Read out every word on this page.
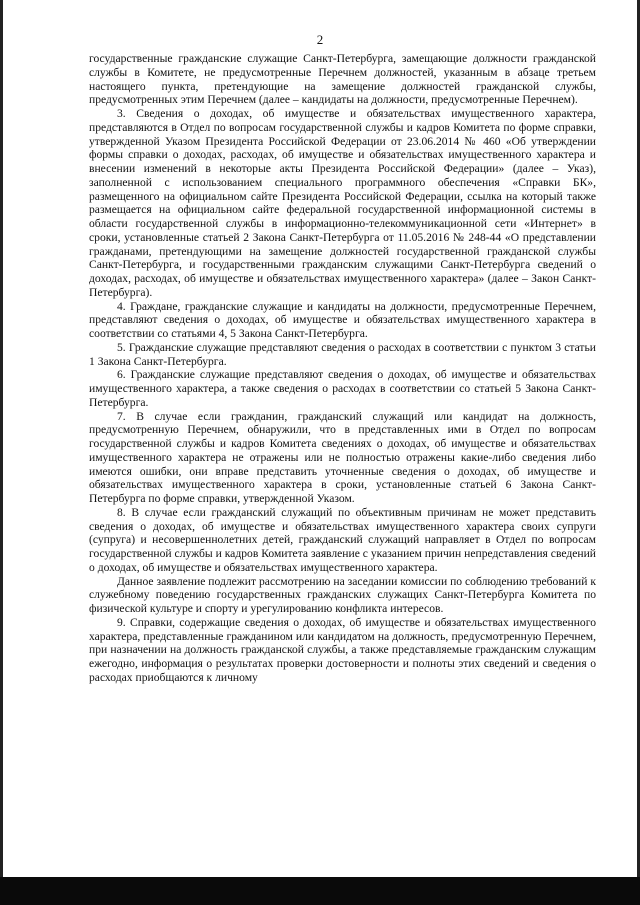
2

государственные гражданские служащие Санкт-Петербурга, замещающие должности гражданской службы в Комитете, не предусмотренные Перечнем должностей, указанным в абзаце третьем настоящего пункта, претендующие на замещение должностей гражданской службы, предусмотренных этим Перечнем (далее – кандидаты на должности, предусмотренные Перечнем).

3. Сведения о доходах, об имуществе и обязательствах имущественного характера, представляются в Отдел по вопросам государственной службы и кадров Комитета по форме справки, утвержденной Указом Президента Российской Федерации от 23.06.2014 № 460 «Об утверждении формы справки о доходах, расходах, об имуществе и обязательствах имущественного характера и внесении изменений в некоторые акты Президента Российской Федерации» (далее – Указ), заполненной с использованием специального программного обеспечения «Справки БК», размещенного на официальном сайте Президента Российской Федерации, ссылка на который также размещается на официальном сайте федеральной государственной информационной системы в области государственной службы в информационно-телекоммуникационной сети «Интернет» в сроки, установленные статьей 2 Закона Санкт-Петербурга от 11.05.2016 № 248-44 «О представлении гражданами, претендующими на замещение должностей государственной гражданской службы Санкт-Петербурга, и государственными гражданским служащими Санкт-Петербурга сведений о доходах, расходах, об имуществе и обязательствах имущественного характера» (далее – Закон Санкт-Петербурга).

4. Граждане, гражданские служащие и кандидаты на должности, предусмотренные Перечнем, представляют сведения о доходах, об имуществе и обязательствах имущественного характера в соответствии со статьями 4, 5 Закона Санкт-Петербурга.

5. Гражданские служащие представляют сведения о расходах в соответствии с пунктом 3 статьи 1 Закона Санкт-Петербурга.

6. Гражданские служащие представляют сведения о доходах, об имуществе и обязательствах имущественного характера, а также сведения о расходах в соответствии со статьей 5 Закона Санкт-Петербурга.

7. В случае если гражданин, гражданский служащий или кандидат на должность, предусмотренную Перечнем, обнаружили, что в представленных ими в Отдел по вопросам государственной службы и кадров Комитета сведениях о доходах, об имуществе и обязательствах имущественного характера не отражены или не полностью отражены какие-либо сведения либо имеются ошибки, они вправе представить уточненные сведения о доходах, об имуществе и обязательствах имущественного характера в сроки, установленные статьей 6 Закона Санкт-Петербурга по форме справки, утвержденной Указом.

8. В случае если гражданский служащий по объективным причинам не может представить сведения о доходах, об имуществе и обязательствах имущественного характера своих супруги (супруга) и несовершеннолетних детей, гражданский служащий направляет в Отдел по вопросам государственной службы и кадров Комитета заявление с указанием причин непредставления сведений о доходах, об имуществе и обязательствах имущественного характера.

Данное заявление подлежит рассмотрению на заседании комиссии по соблюдению требований к служебному поведению государственных гражданских служащих Санкт-Петербурга Комитета по физической культуре и спорту и урегулированию конфликта интересов.

9. Справки, содержащие сведения о доходах, об имуществе и обязательствах имущественного характера, представленные гражданином или кандидатом на должность, предусмотренную Перечнем, при назначении на должность гражданской службы, а также представляемые гражданским служащим ежегодно, информация о результатах проверки достоверности и полноты этих сведений и сведения о расходах приобщаются к личному
